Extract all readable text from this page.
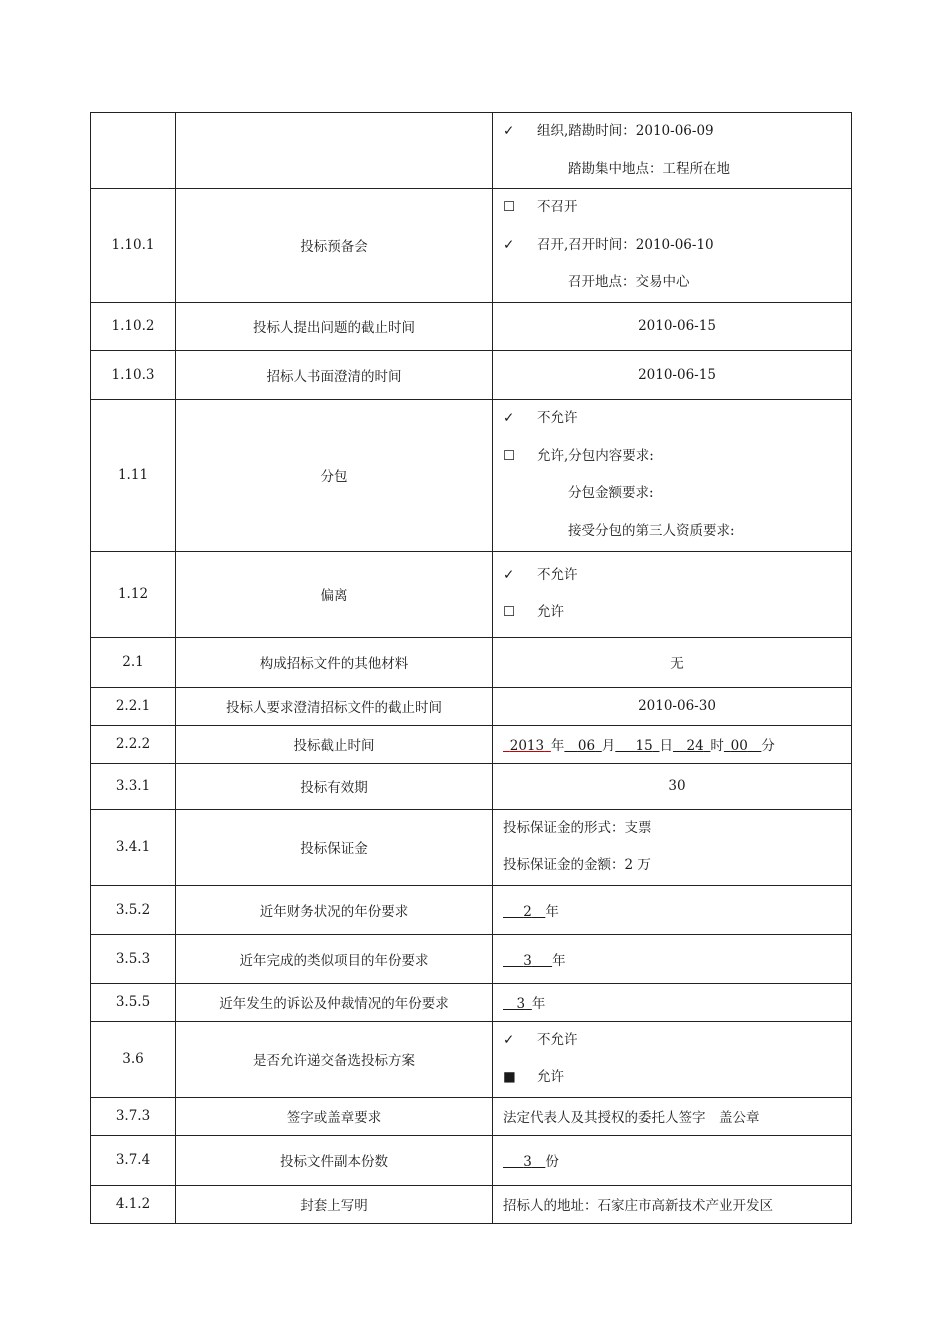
		✓ 组织,踏勘时间：2010-06-09
踏勘集中地点：工程所在地

1.10.1	投标预备会	☐ 不召开
✓ 召开,召开时间：2010-06-10
召开地点：交易中心

1.10.2	投标人提出问题的截止时间	2010-06-15
1.10.3	招标人书面澄清的时间	2010-06-15
1.11	分包	✓ 不允许
☐ 允许,分包内容要求:
分包金额要求:
接受分包的第三人资质要求:

1.12	偏离	✓ 不允许
☐ 允许

2.1	构成招标文件的其他材料	无
2.2.1	投标人要求澄清招标文件的截止时间	2010-06-30
2.2.2	投标截止时间	 2013  年  06  月   15  日  24  时  00  分
3.3.1	投标有效期	30
3.4.1	投标保证金	投标保证金的形式：支票
投标保证金的金额：2 万

3.5.2	近年财务状况的年份要求	  2  年
3.5.3	近年完成的类似项目的年份要求	  3   年
3.5.5	近年发生的诉讼及仲裁情况的年份要求	 3  年
3.6	是否允许递交备选投标方案	✓ 不允许
■ 允许

3.7.3	签字或盖章要求	法定代表人及其授权的委托人签字　盖公章
3.7.4	投标文件副本份数	  3  份
4.1.2	封套上写明	招标人的地址：石家庄市高新技术产业开发区
